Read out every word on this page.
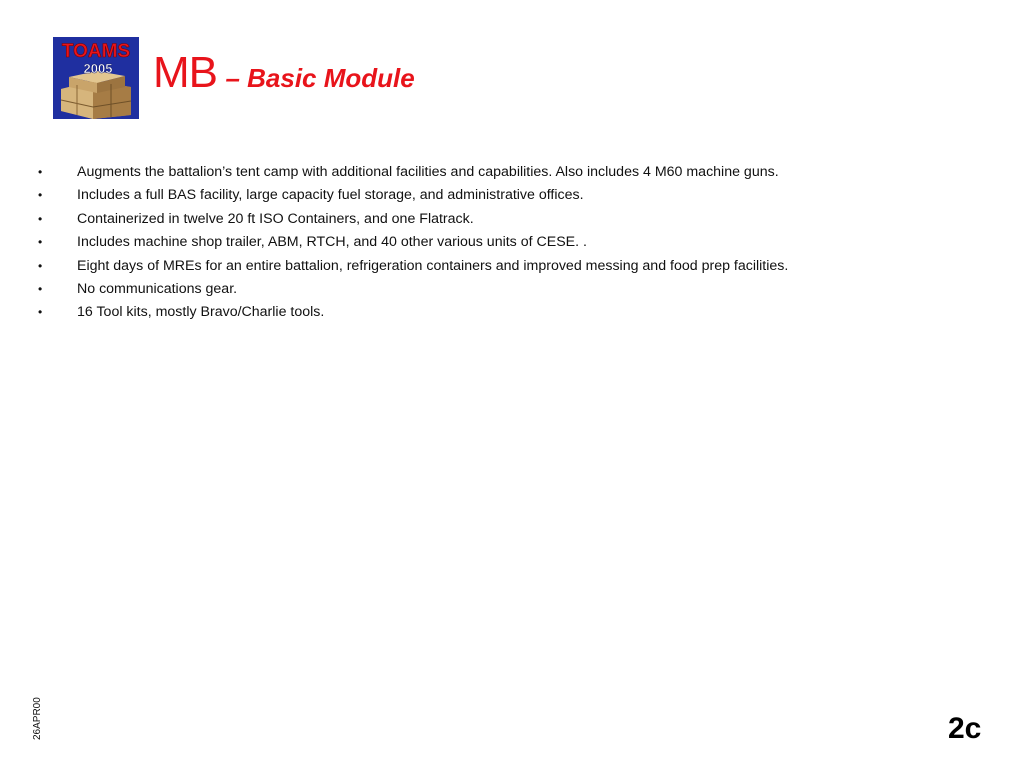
TOAMS
2005 MB – Basic Module
• Augments the battalion’s tent camp with additional facilities and capabilities. Also includes 4 M60 machine guns.
• Includes a full BAS facility, large capacity fuel storage, and administrative offices.
• Containerized in twelve 20 ft ISO Containers, and one Flatrack.
• Includes machine shop trailer, ABM, RTCH, and 40 other various units of CESE. .
• Eight days of MREs for an entire battalion, refrigeration containers and improved messing and food prep facilities.
• No communications gear.
• 16 Tool kits, mostly Bravo/Charlie tools.
26APR00	2c
